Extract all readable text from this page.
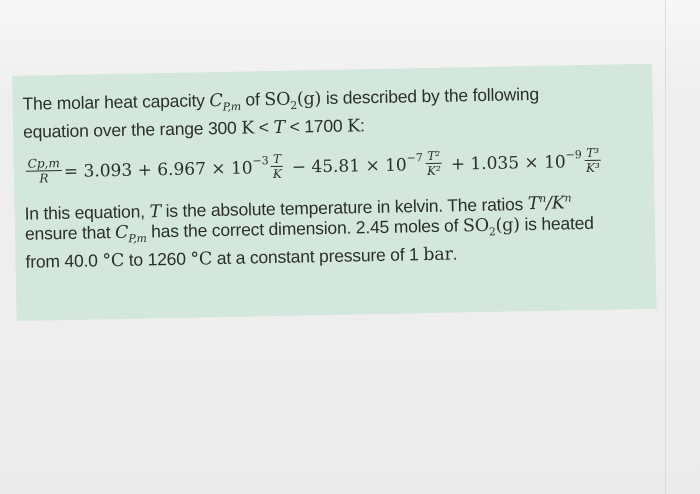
The molar heat capacity $C_{P,m}$ of $SO_2(g)$ is described by the following
equation over the range 300 K < T < 1700 K:

$\frac{Cp,m}{R} = 3.093 + 6.967 \times 10^{-3} \frac{T}{K} - 45.81 \times 10^{-7} \frac{\text{T²}}{\text{K²}} + 1.035 \times 10^{-9} \frac{\text{T³}}{\text{K³}}$

In this equation, T is the absolute temperature in kelvin. The ratios $T^n/K^n$
ensure that $C_{P,m}$ has the correct dimension. 2.45 moles of $SO_2(g)$ is heated
from 40.0 °C to 1260 °C at a constant pressure of 1 bar.
